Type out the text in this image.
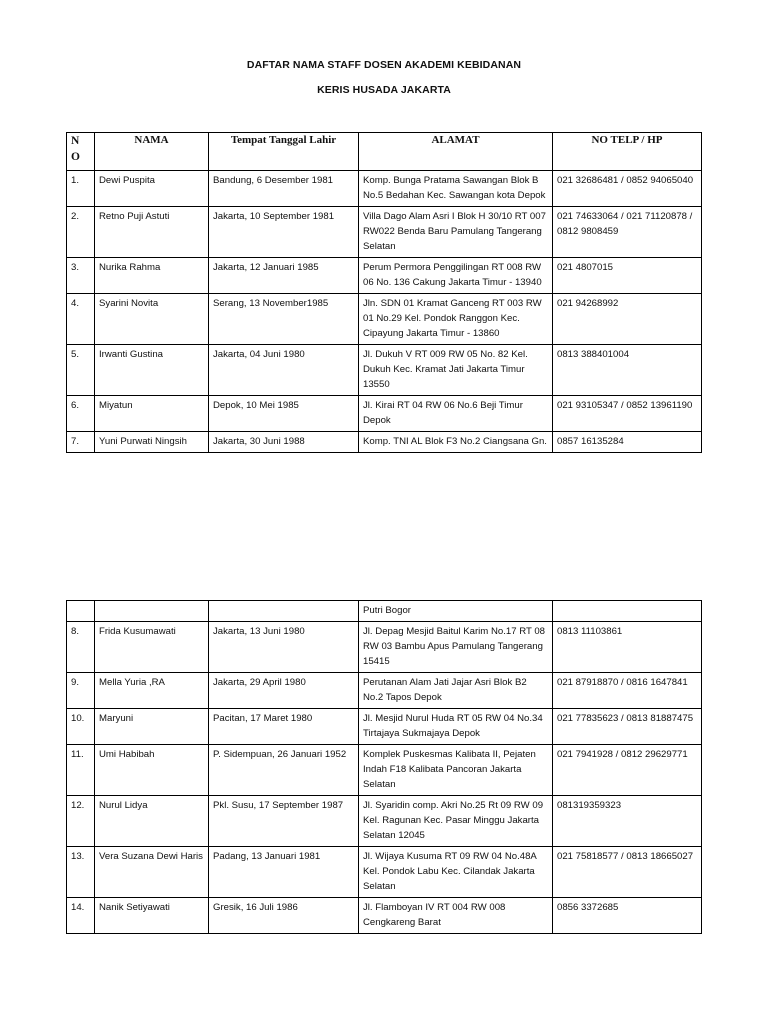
DAFTAR NAMA STAFF DOSEN AKADEMI KEBIDANAN
KERIS HUSADA JAKARTA
N
O	NAMA	Tempat Tanggal Lahir	ALAMAT	NO TELP / HP
1.	Dewi Puspita	Bandung, 6 Desember 1981	Komp. Bunga Pratama Sawangan Blok B No.5 Bedahan Kec. Sawangan kota Depok	021 32686481 / 0852 94065040
2.	Retno Puji Astuti	Jakarta, 10 September 1981	Villa Dago Alam Asri I Blok H 30/10 RT 007 RW022 Benda Baru Pamulang Tangerang Selatan	021 74633064 / 021 71120878 / 0812 9808459
3.	Nurika Rahma	Jakarta, 12 Januari 1985	Perum Permora Penggilingan RT 008 RW 06 No. 136 Cakung Jakarta Timur - 13940	021 4807015
4.	Syarini Novita	Serang, 13 November1985	Jln. SDN 01 Kramat Ganceng RT 003 RW 01 No.29 Kel. Pondok Ranggon Kec. Cipayung Jakarta Timur - 13860	021 94268992
5.	Irwanti Gustina	Jakarta, 04 Juni 1980	Jl. Dukuh V RT 009 RW 05 No. 82 Kel. Dukuh Kec. Kramat Jati Jakarta Timur 13550	0813 388401004
6.	Miyatun	Depok, 10 Mei 1985	Jl. Kirai RT 04 RW 06 No.6 Beji Timur Depok	021 93105347 / 0852 13961190
7.	Yuni Purwati Ningsih	Jakarta, 30 Juni 1988	Komp. TNI AL Blok F3 No.2 Ciangsana Gn.	0857 16135284
			Putri Bogor	
8.	Frida Kusumawati	Jakarta, 13 Juni 1980	Jl. Depag Mesjid Baitul Karim No.17 RT 08 RW 03 Bambu Apus Pamulang Tangerang 15415	0813 11103861
9.	Mella Yuria ,RA	Jakarta, 29 April 1980	Perutanan Alam Jati Jajar Asri Blok B2 No.2 Tapos Depok	021 87918870 / 0816 1647841
10.	Maryuni	Pacitan, 17 Maret 1980	Jl. Mesjid Nurul Huda RT 05 RW 04 No.34 Tirtajaya Sukmajaya Depok	021 77835623 / 0813 81887475
11.	Umi Habibah	P. Sidempuan, 26 Januari 1952	Komplek Puskesmas Kalibata II, Pejaten Indah F18 Kalibata Pancoran Jakarta Selatan	021 7941928 / 0812 29629771
12.	Nurul Lidya	Pkl. Susu, 17 September 1987	Jl. Syaridin comp. Akri No.25 Rt 09 RW 09 Kel. Ragunan Kec. Pasar Minggu Jakarta Selatan 12045	081319359323
13.	Vera Suzana Dewi Haris	Padang, 13 Januari 1981	Jl. Wijaya Kusuma RT 09 RW 04 No.48A Kel. Pondok Labu Kec. Cilandak Jakarta Selatan	021 75818577 / 0813 18665027
14.	Nanik Setiyawati	Gresik, 16 Juli 1986	Jl. Flamboyan IV RT 004 RW 008 Cengkareng Barat	0856 3372685
